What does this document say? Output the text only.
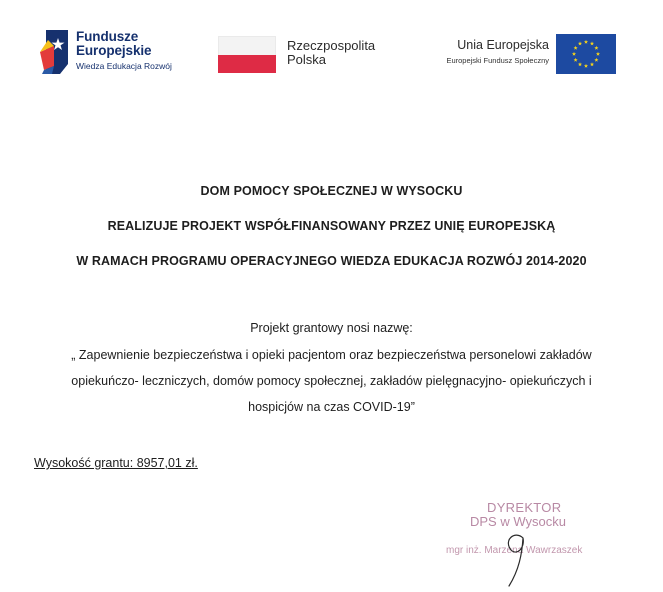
Fundusze
Europejskie
Wiedza Edukacja Rozwój
Rzeczpospolita
Polska
Unia Europejska
Europejski Fundusz Społeczny
DOM POMOCY SPOŁECZNEJ W WYSOCKU
REALIZUJE PROJEKT WSPÓŁFINANSOWANY PRZEZ UNIĘ EUROPEJSKĄ
W RAMACH PROGRAMU OPERACYJNEGO WIEDZA EDUKACJA ROZWÓJ 2014-2020
Projekt grantowy nosi nazwę:
„ Zapewnienie bezpieczeństwa i opieki pacjentom oraz bezpieczeństwa personelowi zakładów
opiekuńczo- leczniczych, domów pomocy społecznej, zakładów pielęgnacyjno- opiekuńczych i
hospicjów na czas COVID-19”
Wysokość grantu: 8957,01 zł.
DYREKTOR
DPS w Wysocku
mgr inż. Marzena Wawrzaszek
